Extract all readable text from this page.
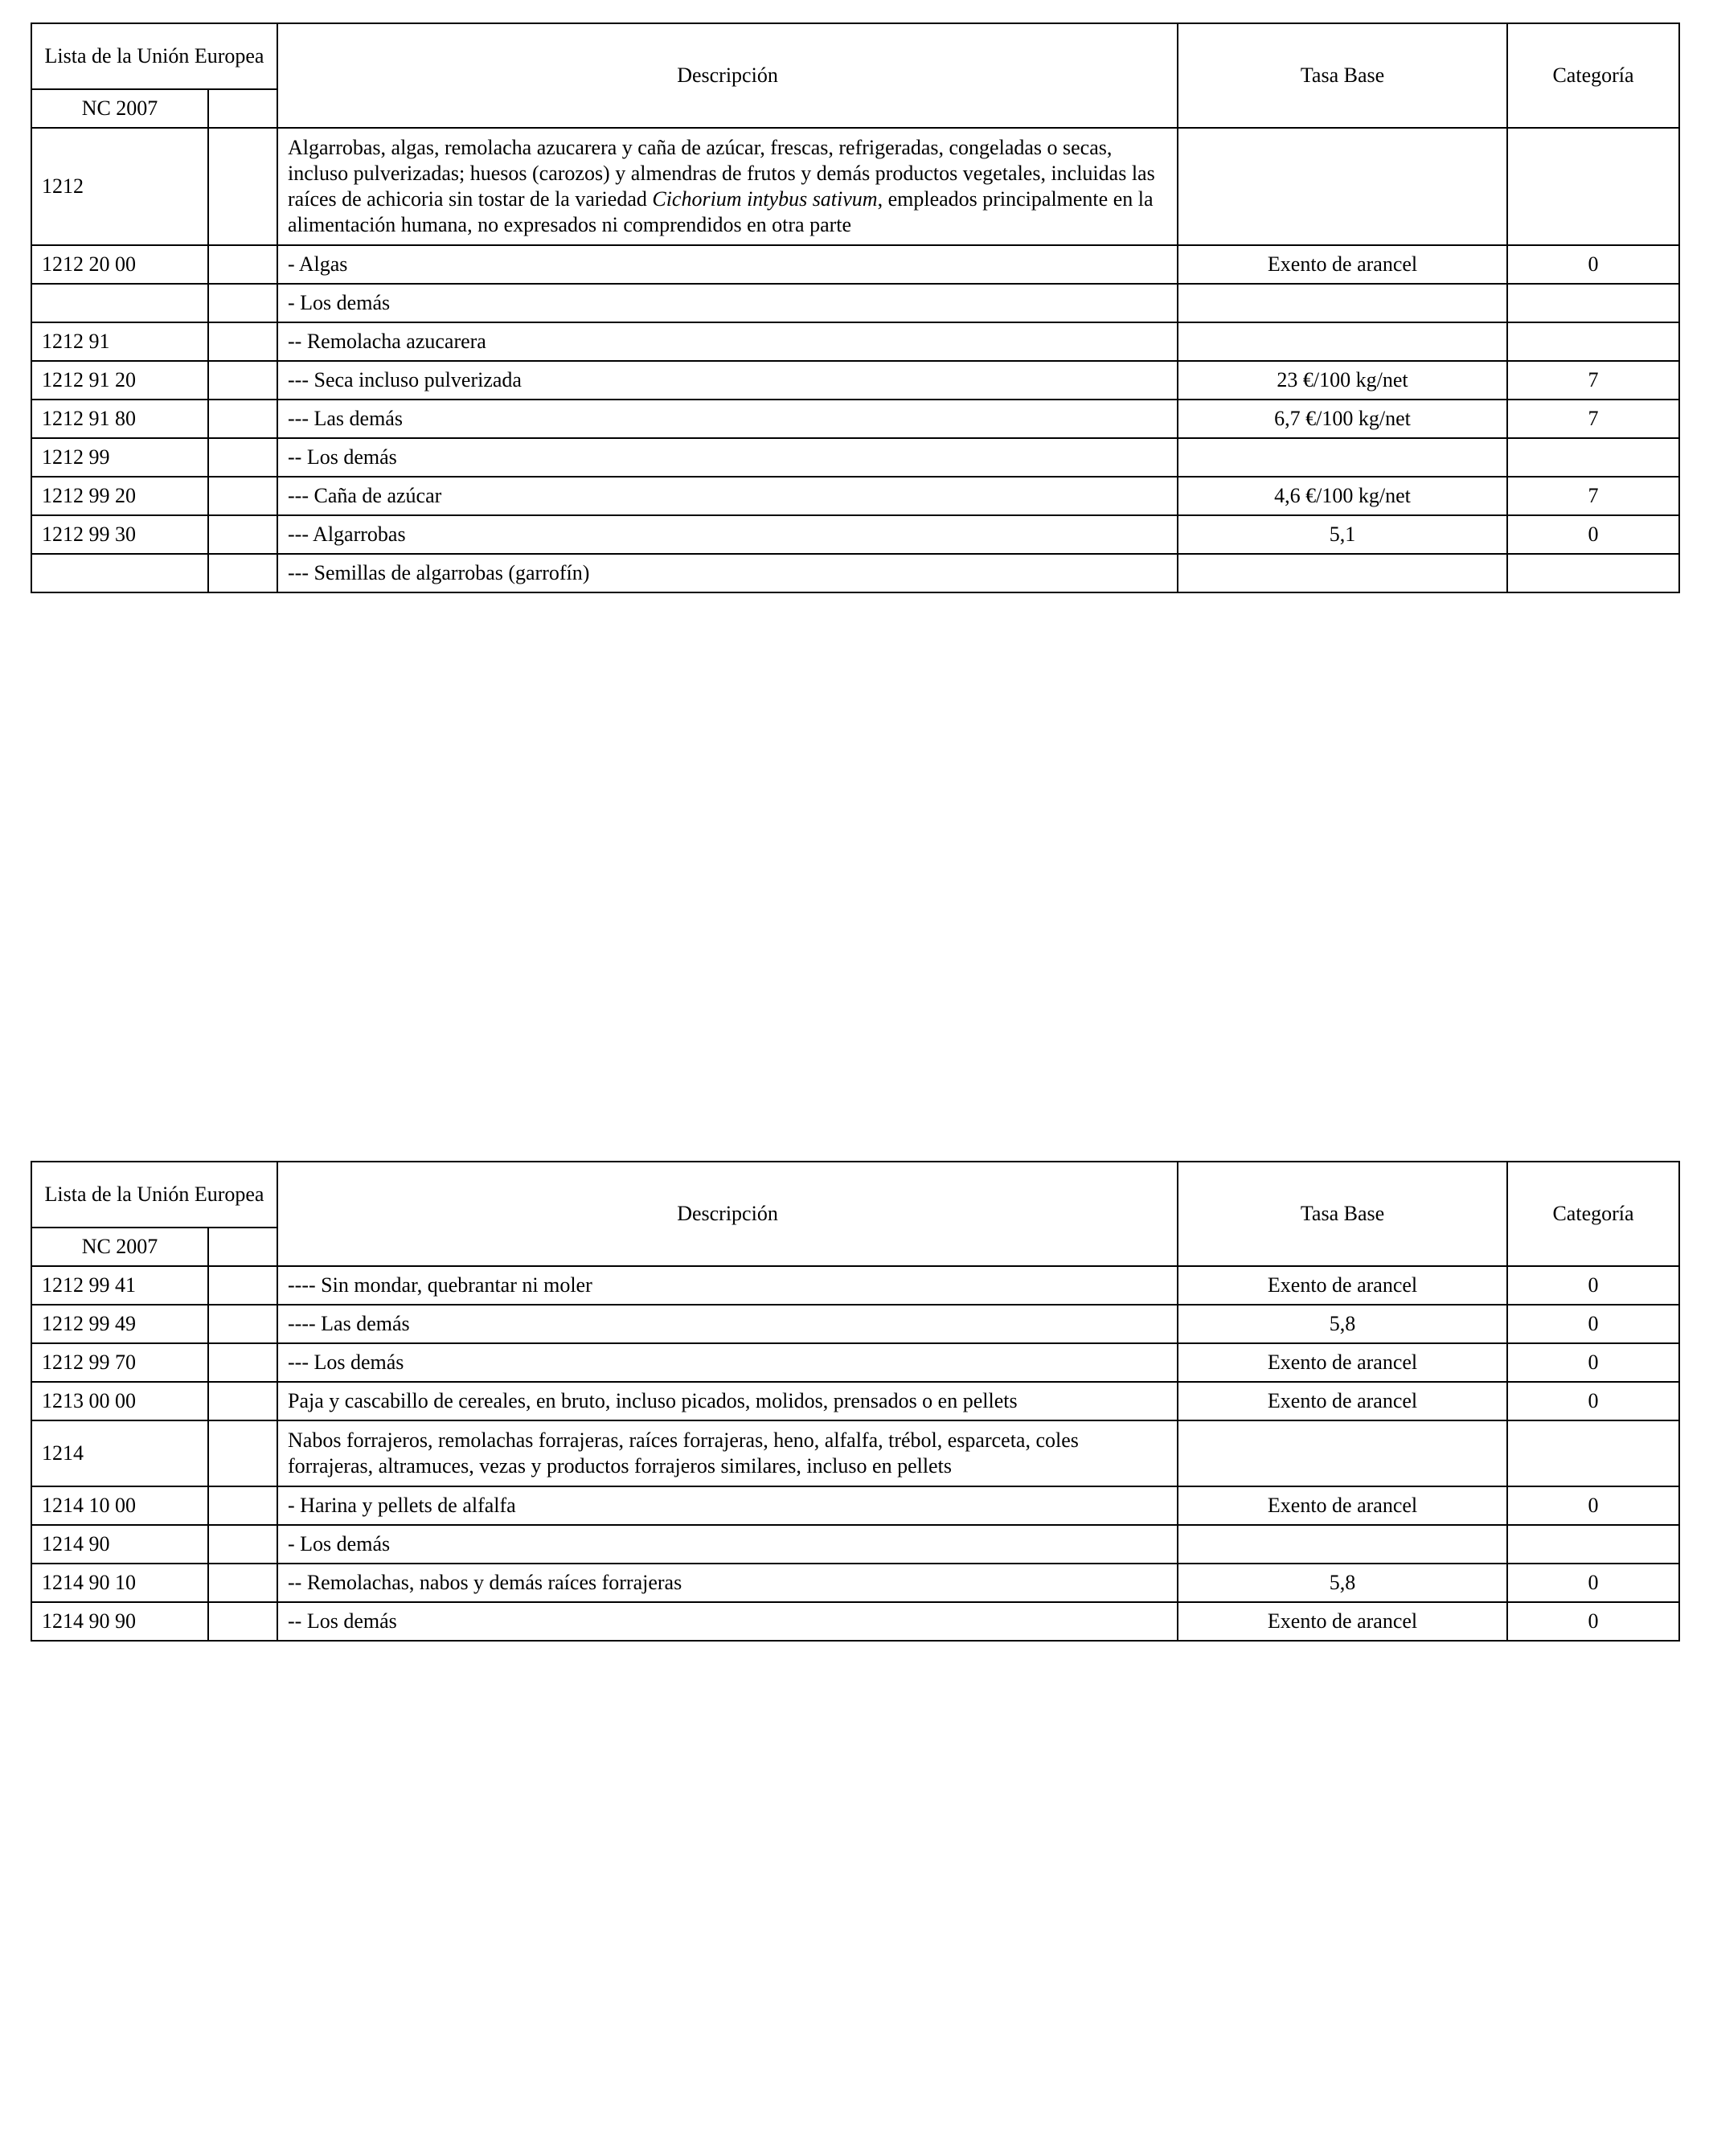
Lista de la Unión Europea		Descripción	Tasa Base	Categoría
NC 2007				
1212		Algarrobas, algas, remolacha azucarera y caña de azúcar, frescas, refrigeradas, congeladas o secas, incluso pulverizadas; huesos (carozos) y almendras de frutos y demás productos vegetales, incluidas las raíces de achicoria sin tostar de la variedad Cichorium intybus sativum, empleados principalmente en la alimentación humana, no expresados ni comprendidos en otra parte		
1212 20 00		- Algas	Exento de arancel	0
		- Los demás		
1212 91		-- Remolacha azucarera		
1212 91 20		--- Seca incluso pulverizada	23 €/100 kg/net	7
1212 91 80		--- Las demás	6,7 €/100 kg/net	7
1212 99		-- Los demás		
1212 99 20		--- Caña de azúcar	4,6 €/100 kg/net	7
1212 99 30		--- Algarrobas	5,1	0
		--- Semillas de algarrobas (garrofín)		
Lista de la Unión Europea		Descripción	Tasa Base	Categoría
NC 2007				
1212 99 41		---- Sin mondar, quebrantar ni moler	Exento de arancel	0
1212 99 49		---- Las demás	5,8	0
1212 99 70		--- Los demás	Exento de arancel	0
1213 00 00		Paja y cascabillo de cereales, en bruto, incluso picados, molidos, prensados o en pellets	Exento de arancel	0
1214		Nabos forrajeros, remolachas forrajeras, raíces forrajeras, heno, alfalfa, trébol, esparceta, coles forrajeras, altramuces, vezas y productos forrajeros similares, incluso en pellets		
1214 10 00		- Harina y pellets de alfalfa	Exento de arancel	0
1214 90		- Los demás		
1214 90 10		-- Remolachas, nabos y demás raíces forrajeras	5,8	0
1214 90 90		-- Los demás	Exento de arancel	0
